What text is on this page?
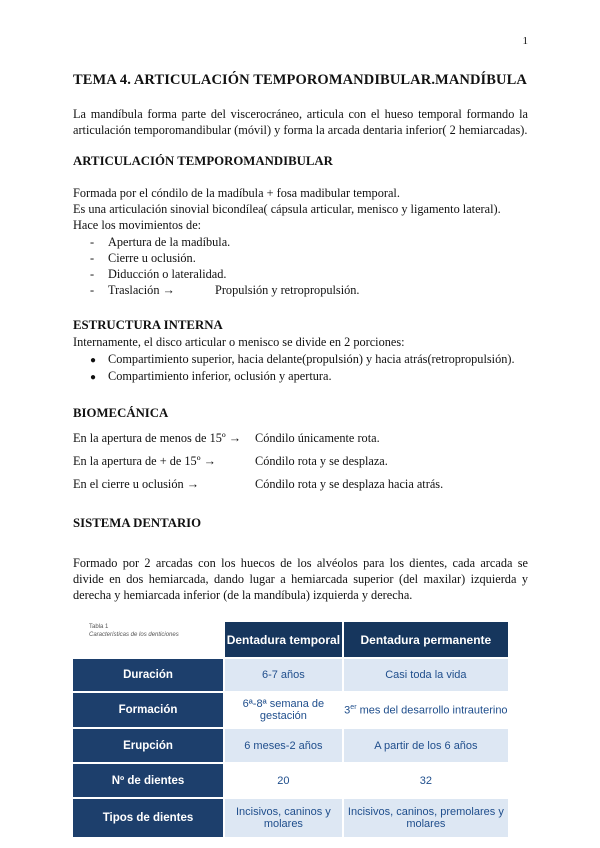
1
TEMA 4. ARTICULACIÓN TEMPOROMANDIBULAR.MANDÍBULA
La mandíbula forma parte del viscerocráneo, articula con el hueso temporal formando la articulación temporomandibular (móvil) y forma la arcada dentaria inferior( 2 hemiarcadas).
ARTICULACIÓN TEMPOROMANDIBULAR
Formada por el cóndilo de la madíbula + fosa madibular temporal.
Es una articulación sinovial bicondílea( cápsula articular, menisco y ligamento lateral).
Hace los movimientos de:
- Apertura de la madíbula.
- Cierre u oclusión.
- Diducción o lateralidad.
- Traslación →	Propulsión y retropropulsión.
ESTRUCTURA INTERNA
Internamente, el disco articular o menisco se divide en 2 porciones:
● Compartimiento superior, hacia delante(propulsión) y hacia atrás(retropropulsión).
● Compartimiento inferior, oclusión y apertura.
BIOMECÁNICA
En la apertura de menos de 15º → Cóndilo únicamente rota.
En la apertura de + de 15º →	Cóndilo rota y se desplaza.
En el cierre u oclusión →	Cóndilo rota y se desplaza hacia atrás.
SISTEMA DENTARIO
Formado por 2 arcadas con los huecos de los alvéolos para los dientes, cada arcada se divide en dos hemiarcada, dando lugar a hemiarcada superior (del maxilar) izquierda y derecha y hemiarcada inferior (de la mandíbula) izquierda y derecha.
	Dentadura temporal	Dentadura permanente
Duración	6-7 años	Casi toda la vida
Formación	6ª-8ª semana de gestación	3er mes del desarrollo intrauterino
Erupción	6 meses-2 años	A partir de los 6 años
Nº de dientes	20	32
Tipos de dientes	Incisivos, caninos y molares	Incisivos, caninos, premolares y molares
Tabla 1
Características de los denticiones
